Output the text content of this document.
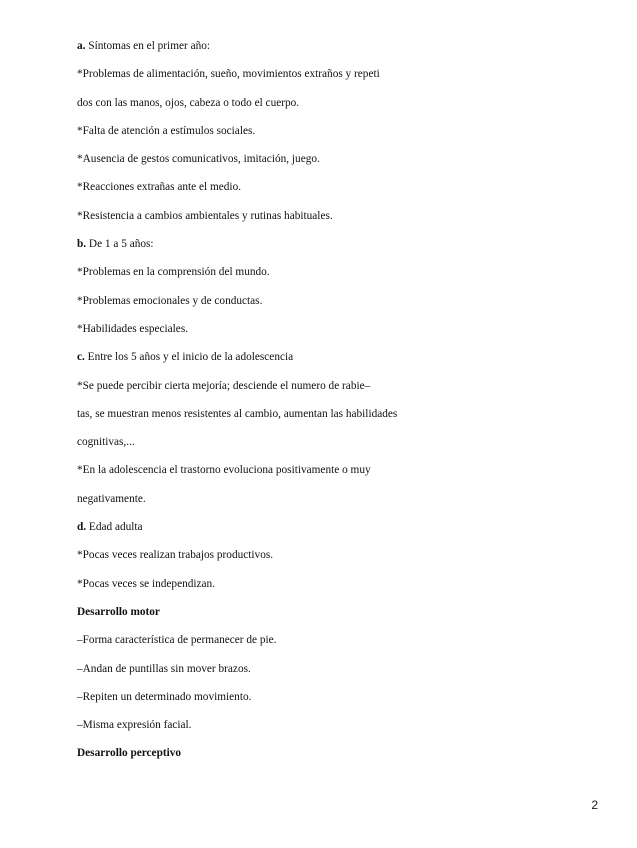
a. Síntomas en el primer año:
*Problemas de alimentación, sueño, movimientos extraños y repeti
dos con las manos, ojos, cabeza o todo el cuerpo.
*Falta de atención a estímulos sociales.
*Ausencia de gestos comunicativos, imitación, juego.
*Reacciones extrañas ante el medio.
*Resistencia a cambios ambientales y rutinas habituales.
b. De 1 a 5 años:
*Problemas en la comprensión del mundo.
*Problemas emocionales y de conductas.
*Habilidades especiales.
c. Entre los 5 años y el inicio de la adolescencia
*Se puede percibir cierta mejoría; desciende el numero de rabie–
tas, se muestran menos resistentes al cambio, aumentan las habilidades
cognitivas,...
*En la adolescencia el trastorno evoluciona positivamente o muy
negativamente.
d. Edad adulta
*Pocas veces realizan trabajos productivos.
*Pocas veces se independizan.
Desarrollo motor
–Forma característica de permanecer de pie.
–Andan de puntillas sin mover brazos.
–Repiten un determinado movimiento.
–Misma expresión facial.
Desarrollo perceptivo
2
